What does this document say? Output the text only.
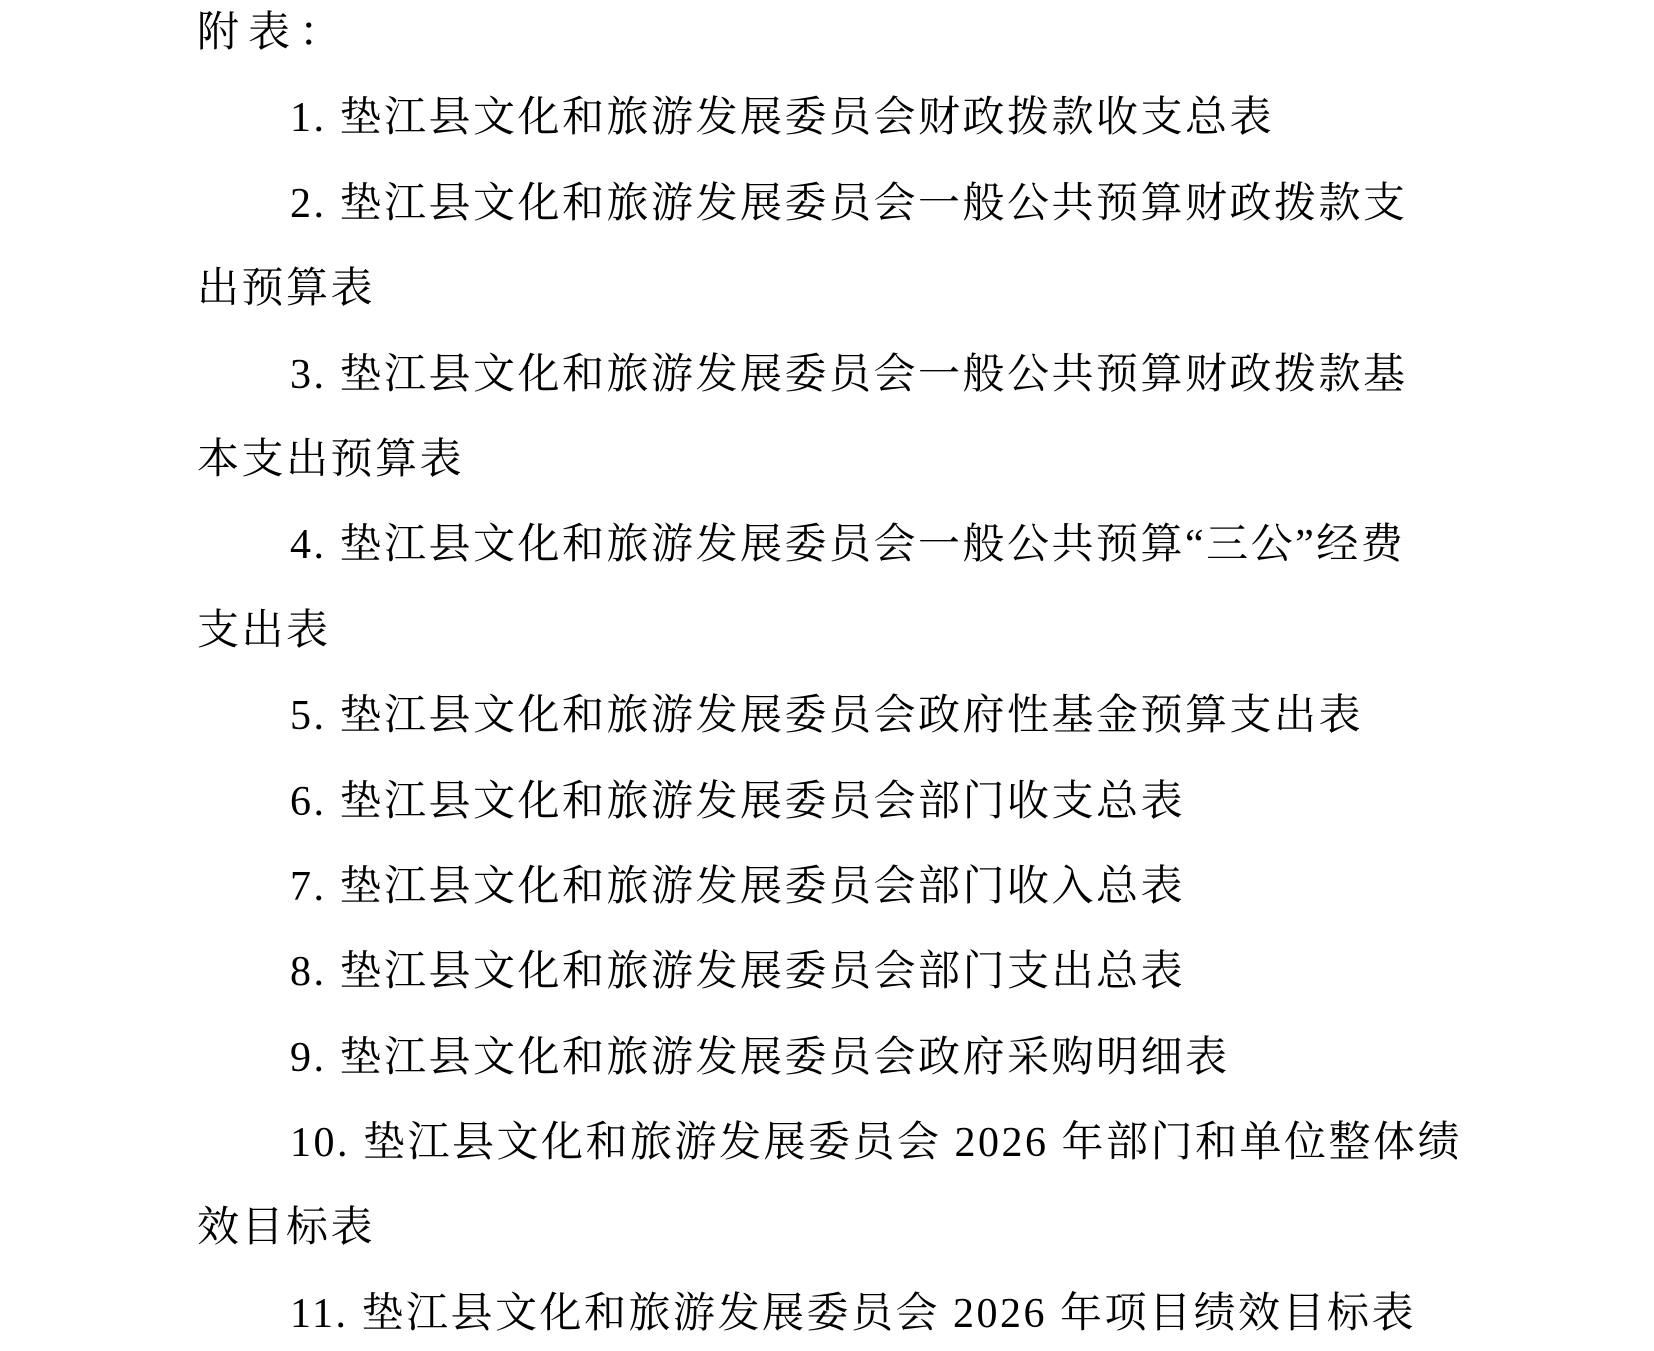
附表：
1. 垫江县文化和旅游发展委员会财政拨款收支总表
2. 垫江县文化和旅游发展委员会一般公共预算财政拨款支
出预算表
3. 垫江县文化和旅游发展委员会一般公共预算财政拨款基
本支出预算表
4. 垫江县文化和旅游发展委员会一般公共预算“三公”经费
支出表
5. 垫江县文化和旅游发展委员会政府性基金预算支出表
6. 垫江县文化和旅游发展委员会部门收支总表
7. 垫江县文化和旅游发展委员会部门收入总表
8. 垫江县文化和旅游发展委员会部门支出总表
9. 垫江县文化和旅游发展委员会政府采购明细表
10. 垫江县文化和旅游发展委员会 2026 年部门和单位整体绩
效目标表
11. 垫江县文化和旅游发展委员会 2026 年项目绩效目标表
